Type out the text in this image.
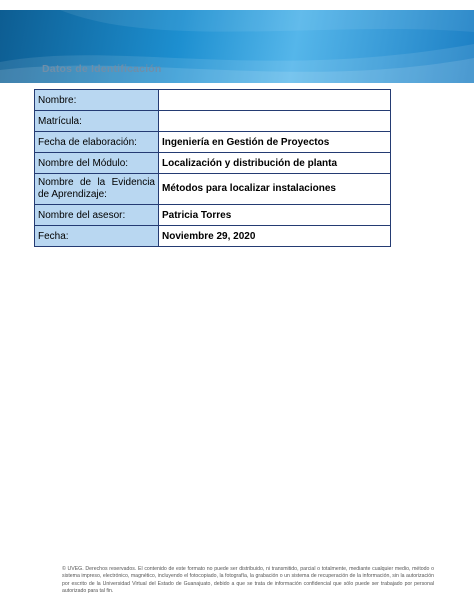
Datos de Identificación
Nombre:	
Matrícula:	
Fecha de elaboración:	Ingeniería en Gestión de Proyectos
Nombre del Módulo:	Localización y distribución de planta
Nombre de la Evidencia de Aprendizaje:	Métodos para localizar instalaciones
Nombre del asesor:	Patricia Torres
Fecha:	Noviembre 29, 2020

© UVEG. Derechos reservados. El contenido de este formato no puede ser distribuido, ni transmitido, parcial o totalmente, mediante cualquier medio, método o sistema impreso, electrónico, magnético, incluyendo el fotocopiado, la fotografía, la grabación o un sistema de recuperación de la información, sin la autorización por escrito de la Universidad Virtual del Estado de Guanajuato, debido a que se trata de información confidencial que sólo puede ser trabajado por personal autorizado para tal fin.
